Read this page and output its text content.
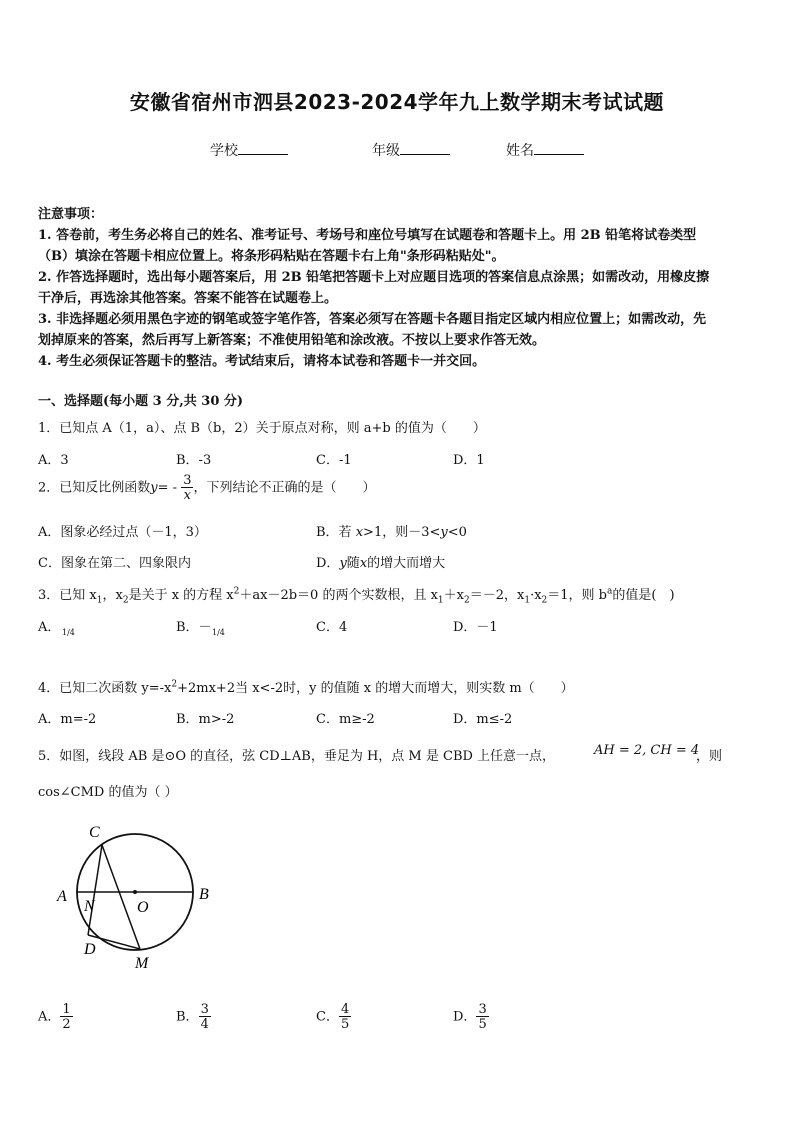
安徽省宿州市泗县2023-2024学年九上数学期末考试试题
学校	年级	姓名
注意事项：
1. 答卷前，考生务必将自己的姓名、准考证号、考场号和座位号填写在试题卷和答题卡上。用 2B 铅笔将试卷类型
（B）填涂在答题卡相应位置上。将条形码粘贴在答题卡右上角"条形码粘贴处"。
2. 作答选择题时，选出每小题答案后，用 2B 铅笔把答题卡上对应题目选项的答案信息点涂黑；如需改动，用橡皮擦
干净后，再选涂其他答案。答案不能答在试题卷上。
3. 非选择题必须用黑色字迹的钢笔或签字笔作答，答案必须写在答题卡各题目指定区域内相应位置上；如需改动，先
划掉原来的答案，然后再写上新答案；不准使用铅笔和涂改液。不按以上要求作答无效。
4. 考生必须保证答题卡的整洁。考试结束后，请将本试卷和答题卡一并交回。
一、选择题(每小题 3 分,共 30 分)
1．已知点 A（1，a）、点 B（b，2）关于原点对称，则 a+b 的值为（　　）
A．3	B．-3	C．-1	D．1
2．已知反比例函数$y= - \frac{3}{x}$ ，下列结论不正确的是（　　）
A．图象必经过点（－1，3）	B．若 x>1，则－3<y<0
C．图象在第二、四象限内	D．y随x的增大而增大
3．已知 $x_1$，$x_2$是关于 x 的方程 $x^2+ax-2b=0$ 的两个实数根，且 $x_1+x_2=-2$，$x_1\cdot x_2=1$，则 $b^a$的值是(　)
A． 1/4	B．－ 1/4	C．4	D．－1
4．已知二次函数 $y=-x^2+2mx+2$当 x<-2时，y 的值随 x 的增大而增大，则实数 m（　　）
A．m=-2	B．m>-2	C．m≥-2	D．m≤-2
5．如图，线段 AB 是⊙O 的直径，弦 CD⊥AB，垂足为 H，点 M 是 CBD 上任意一点，	AH = 2, CH = 4
，则
cos∠CMD 的值为（ ）
C
A
N	O
B
D
M
A． $\frac{1}{2}$	B． $\frac{3}{4}$	C． $\frac{4}{5}$	D． $\frac{3}{5}$
